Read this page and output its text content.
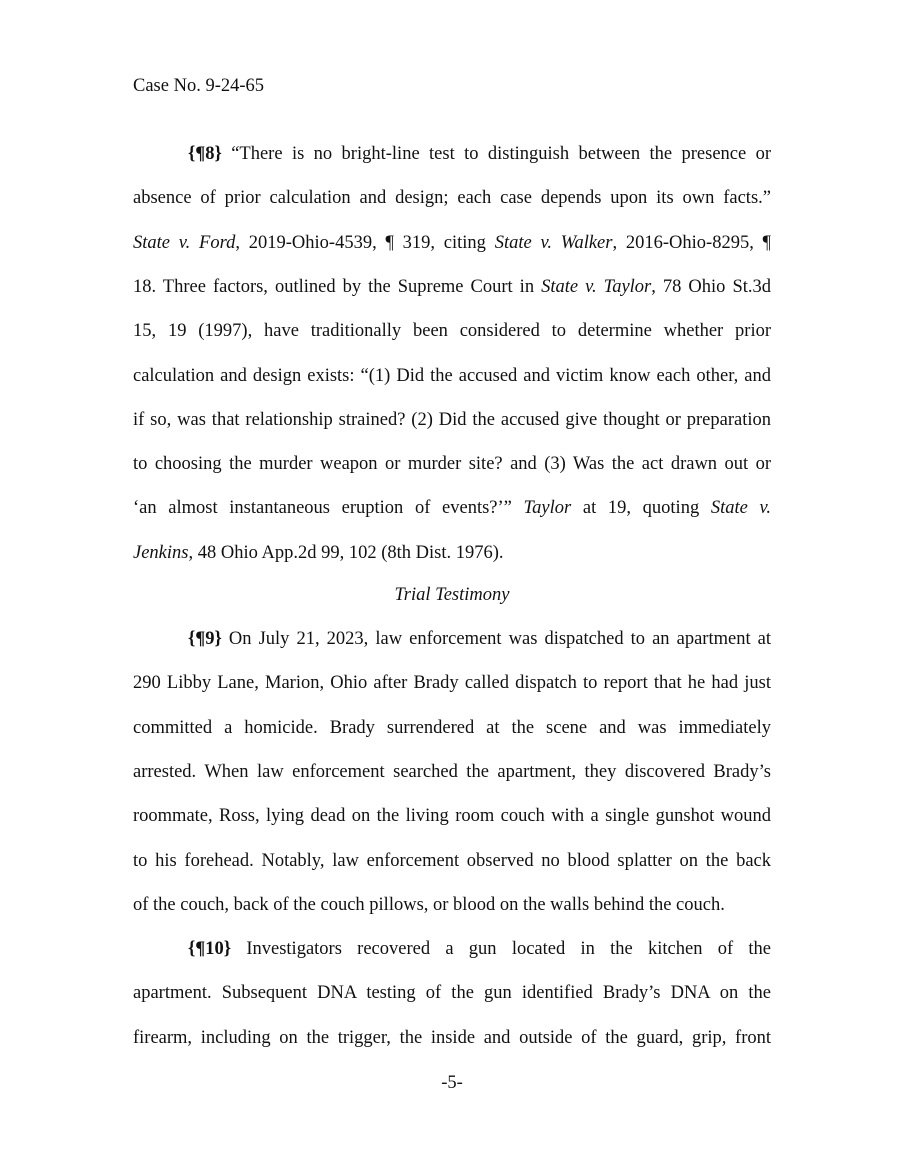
Case No. 9-24-65
{¶8} “There is no bright-line test to distinguish between the presence or
absence of prior calculation and design; each case depends upon its own facts.”
State v. Ford, 2019-Ohio-4539, ¶ 319, citing State v. Walker, 2016-Ohio-8295, ¶
18. Three factors, outlined by the Supreme Court in State v. Taylor, 78 Ohio St.3d
15, 19 (1997), have traditionally been considered to determine whether prior
calculation and design exists: “(1) Did the accused and victim know each other, and
if so, was that relationship strained? (2) Did the accused give thought or preparation
to choosing the murder weapon or murder site? and (3) Was the act drawn out or
‘an almost instantaneous eruption of events?’” Taylor at 19, quoting State v.
Jenkins, 48 Ohio App.2d 99, 102 (8th Dist. 1976).
Trial Testimony
{¶9} On July 21, 2023, law enforcement was dispatched to an apartment at
290 Libby Lane, Marion, Ohio after Brady called dispatch to report that he had just
committed a homicide. Brady surrendered at the scene and was immediately
arrested. When law enforcement searched the apartment, they discovered Brady’s
roommate, Ross, lying dead on the living room couch with a single gunshot wound
to his forehead. Notably, law enforcement observed no blood splatter on the back
of the couch, back of the couch pillows, or blood on the walls behind the couch.
{¶10} Investigators recovered a gun located in the kitchen of the
apartment. Subsequent DNA testing of the gun identified Brady’s DNA on the
firearm, including on the trigger, the inside and outside of the guard, grip, front
-5-
